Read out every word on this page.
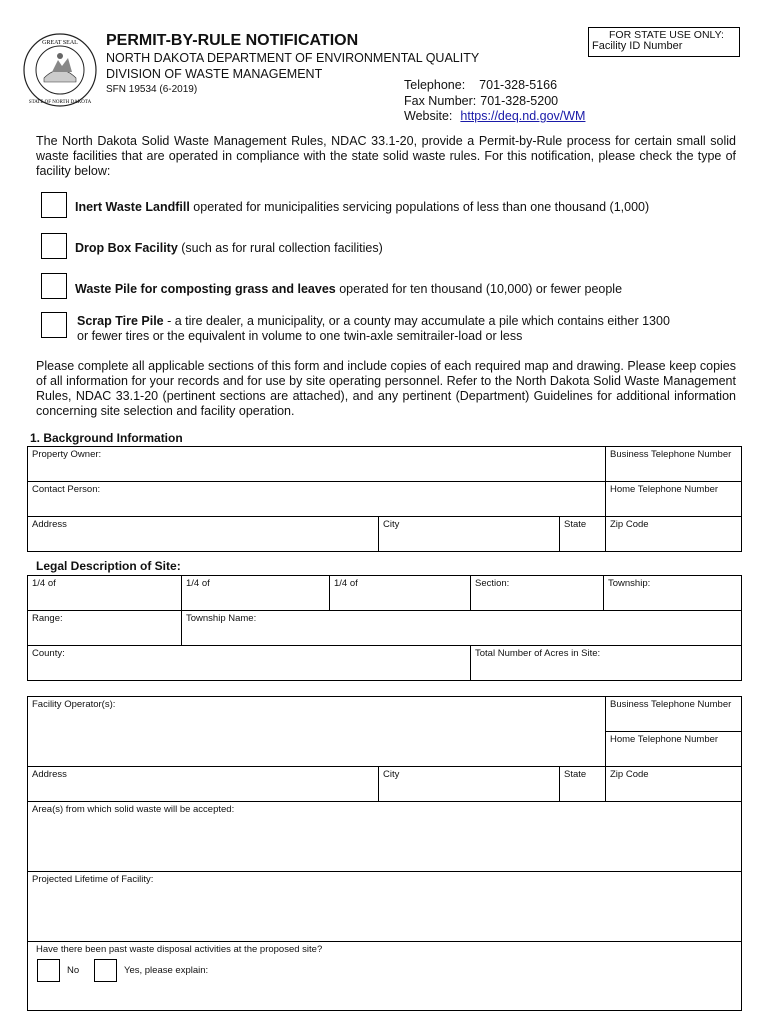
GREAT SEAL
STATE OF NORTH DAKOTA
PERMIT-BY-RULE NOTIFICATION
NORTH DAKOTA DEPARTMENT OF ENVIRONMENTAL QUALITY
DIVISION OF WASTE MANAGEMENT
SFN 19534 (6-2019)
FOR STATE USE ONLY:
Facility ID Number
Telephone: 701-328-5166
Fax Number: 701-328-5200
Website: https://deq.nd.gov/WM
The North Dakota Solid Waste Management Rules, NDAC 33.1-20, provide a Permit-by-Rule process for certain small solid waste facilities that are operated in compliance with the state solid waste rules. For this notification, please check the type of facility below:
Inert Waste Landfill operated for municipalities servicing populations of less than one thousand (1,000)
Drop Box Facility (such as for rural collection facilities)
Waste Pile for composting grass and leaves operated for ten thousand (10,000) or fewer people
Scrap Tire Pile - a tire dealer, a municipality, or a county may accumulate a pile which contains either 1300
or fewer tires or the equivalent in volume to one twin-axle semitrailer-load or less
Please complete all applicable sections of this form and include copies of each required map and drawing. Please keep copies of all information for your records and for use by site operating personnel. Refer to the North Dakota Solid Waste Management Rules, NDAC 33.1-20 (pertinent sections are attached), and any pertinent (Department) Guidelines for additional information concerning site selection and facility operation.
1. Background Information
Property Owner:	Business Telephone Number
Contact Person:	Home Telephone Number
Address	City	State	Zip Code
Legal Description of Site:
1/4 of	1/4 of	1/4 of	Section:	Township:
Range:	Township Name:
County:	Total Number of Acres in Site:
Facility Operator(s):	Business Telephone Number
Home Telephone Number
Address	City	State	Zip Code
Area(s) from which solid waste will be accepted:
Projected Lifetime of Facility:
Have there been past waste disposal activities at the proposed site?
No	Yes, please explain:
